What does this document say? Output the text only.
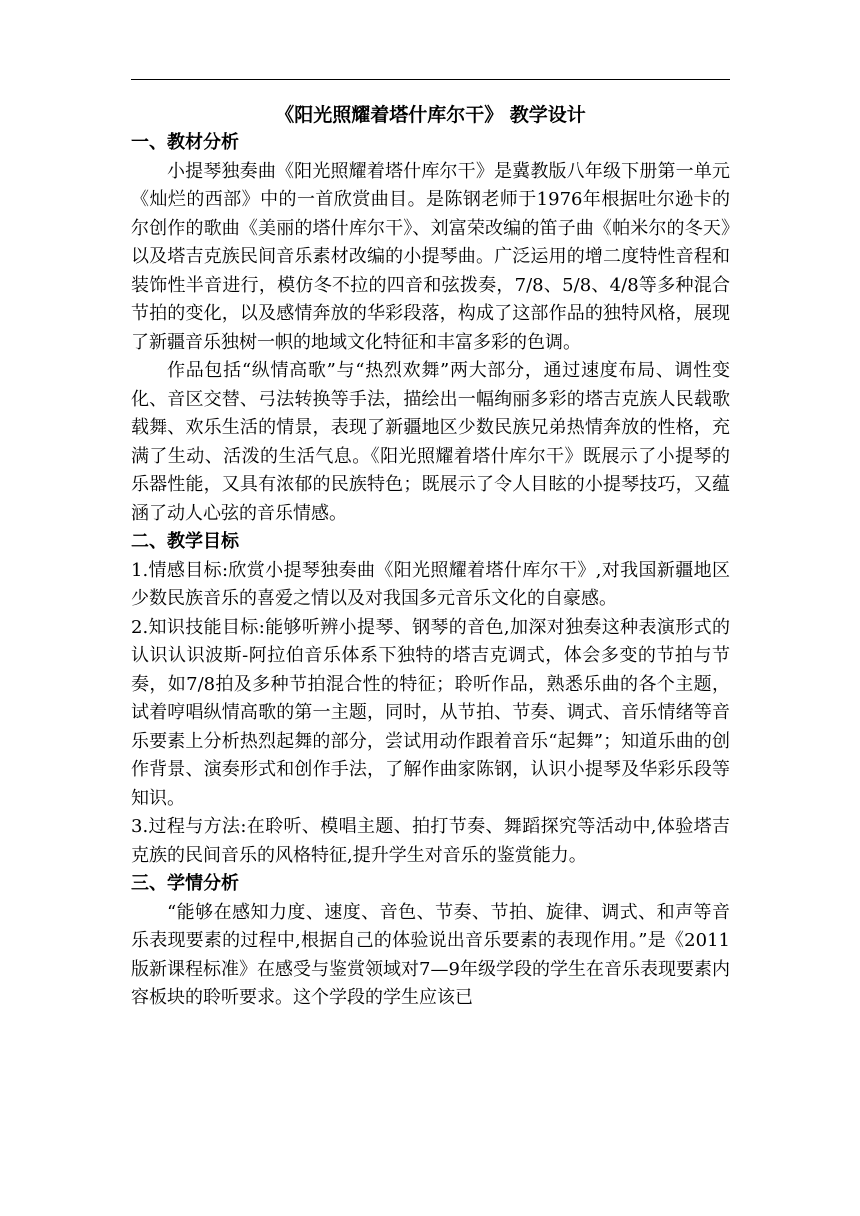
《阳光照耀着塔什库尔干》 教学设计
一、教材分析

小提琴独奏曲《阳光照耀着塔什库尔干》是冀教版八年级下册第一单元《灿烂的西部》中的一首欣赏曲目。是陈钢老师于1976年根据吐尔逊卡的尔创作的歌曲《美丽的塔什库尔干》、刘富荣改编的笛子曲《帕米尔的冬天》以及塔吉克族民间音乐素材改编的小提琴曲。广泛运用的增二度特性音程和装饰性半音进行，模仿冬不拉的四音和弦拨奏，7/8、5/8、4/8等多种混合节拍的变化，以及感情奔放的华彩段落，构成了这部作品的独特风格，展现了新疆音乐独树一帜的地域文化特征和丰富多彩的色调。

作品包括“纵情高歌”与“热烈欢舞”两大部分，通过速度布局、调性变化、音区交替、弓法转换等手法，描绘出一幅绚丽多彩的塔吉克族人民载歌载舞、欢乐生活的情景，表现了新疆地区少数民族兄弟热情奔放的性格，充满了生动、活泼的生活气息。《阳光照耀着塔什库尔干》既展示了小提琴的乐器性能，又具有浓郁的民族特色；既展示了令人目眩的小提琴技巧，又蕴涵了动人心弦的音乐情感。

二、教学目标

1.情感目标:欣赏小提琴独奏曲《阳光照耀着塔什库尔干》,对我国新疆地区少数民族音乐的喜爱之情以及对我国多元音乐文化的自豪感。

2.知识技能目标:能够听辨小提琴、钢琴的音色,加深对独奏这种表演形式的认识认识波斯-阿拉伯音乐体系下独特的塔吉克调式，体会多变的节拍与节奏，如7/8拍及多种节拍混合性的特征；聆听作品，熟悉乐曲的各个主题，试着哼唱纵情高歌的第一主题，同时，从节拍、节奏、调式、音乐情绪等音乐要素上分析热烈起舞的部分，尝试用动作跟着音乐“起舞”；知道乐曲的创作背景、演奏形式和创作手法，了解作曲家陈钢，认识小提琴及华彩乐段等知识。

3.过程与方法:在聆听、模唱主题、拍打节奏、舞蹈探究等活动中,体验塔吉克族的民间音乐的风格特征,提升学生对音乐的鉴赏能力。

三、学情分析

“能够在感知力度、速度、音色、节奏、节拍、旋律、调式、和声等音乐表现要素的过程中,根据自己的体验说出音乐要素的表现作用。”是《2011版新课程标准》在感受与鉴赏领域对7—9年级学段的学生在音乐表现要素内容板块的聆听要求。这个学段的学生应该已
